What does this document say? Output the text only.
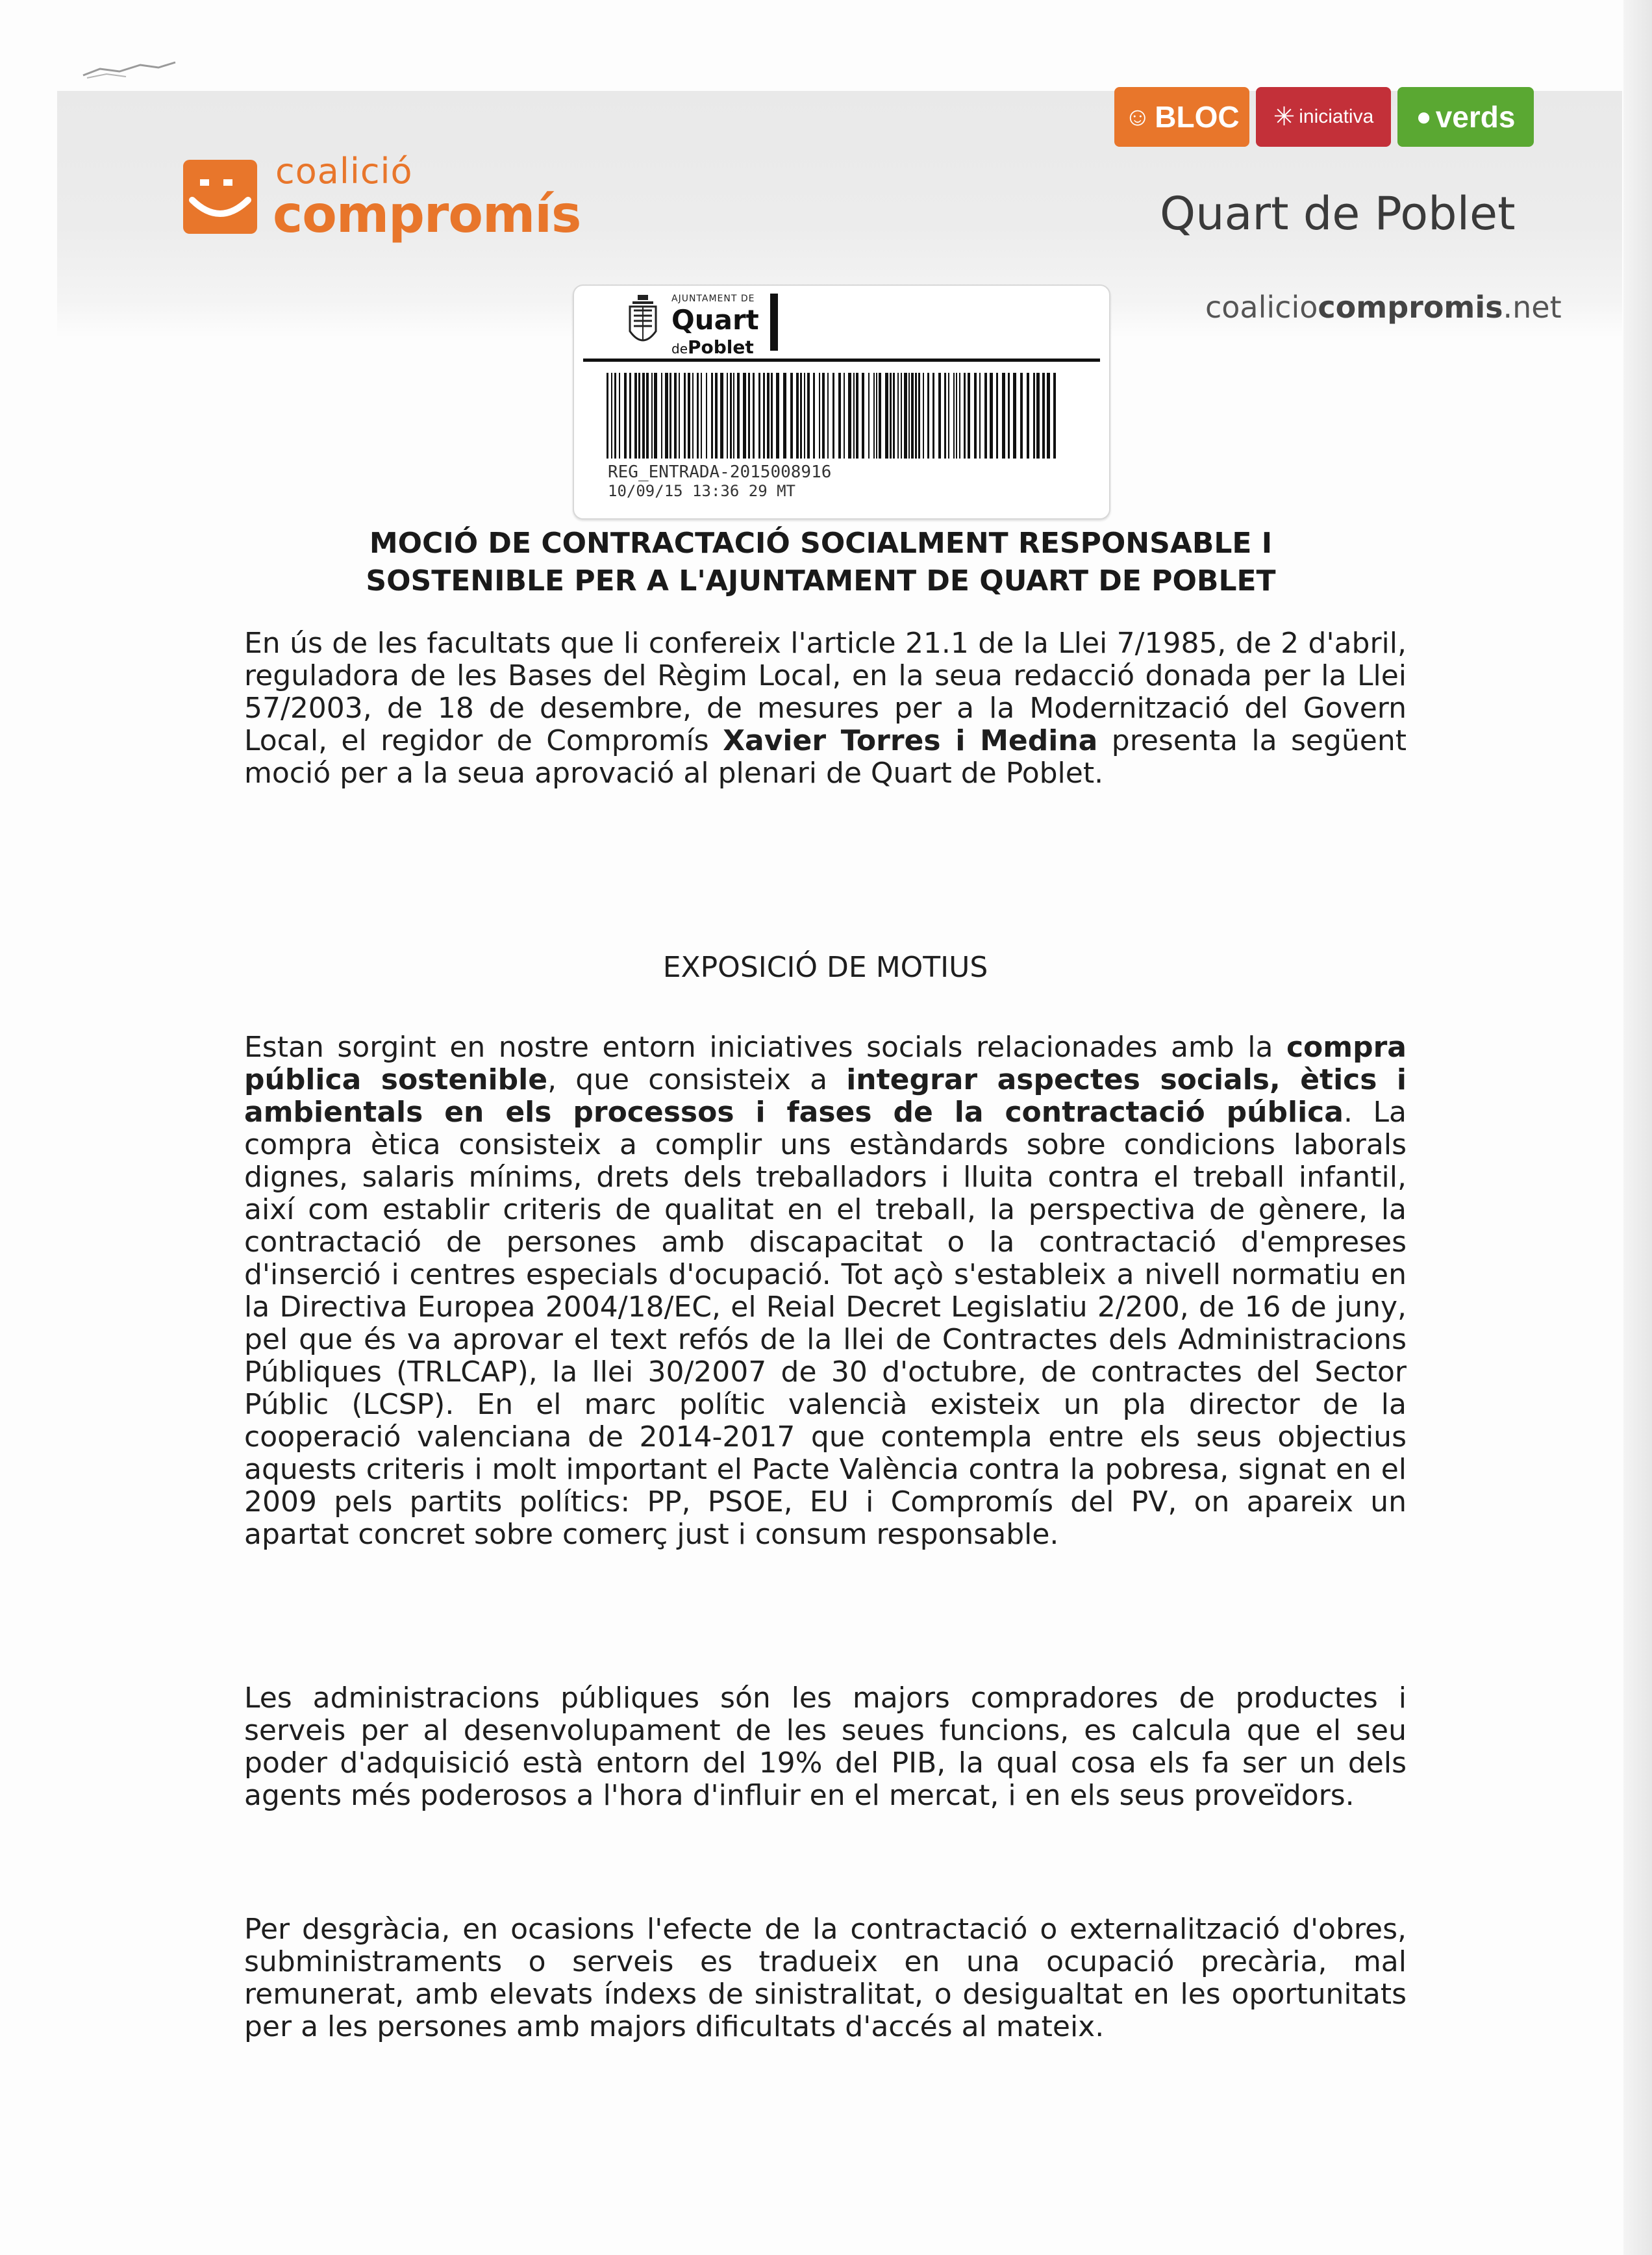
coalició
compromís
☺ BLOC ✳ iniciativa ● verds
Quart de Poblet
coaliciocompromis.net
AJUNTAMENT DE
Quart
dePoblet
REG_ENTRADA-2015008916
10/09/15 13:36 29 MT
MOCIÓ DE CONTRACTACIÓ SOCIALMENT RESPONSABLE I
SOSTENIBLE PER A L'AJUNTAMENT DE QUART DE POBLET
En ús de les facultats que li confereix l'article 21.1 de la Llei 7/1985, de 2 d'abril, reguladora de les Bases del Règim Local, en la seua redacció donada per la Llei 57/2003, de 18 de desembre, de mesures per a la Modernització del Govern Local, el regidor de Compromís Xavier Torres i Medina presenta la següent moció per a la seua aprovació al plenari de Quart de Poblet.
EXPOSICIÓ DE MOTIUS
Estan sorgint en nostre entorn iniciatives socials relacionades amb la compra pública sostenible, que consisteix a integrar aspectes socials, ètics i ambientals en els processos i fases de la contractació pública. La compra ètica consisteix a complir uns estàndards sobre condicions laborals dignes, salaris mínims, drets dels treballadors i lluita contra el treball infantil, així com establir criteris de qualitat en el treball, la perspectiva de gènere, la contractació de persones amb discapacitat o la contractació d'empreses d'inserció i centres especials d'ocupació. Tot açò s'estableix a nivell normatiu en la Directiva Europea 2004/18/EC, el Reial Decret Legislatiu 2/200, de 16 de juny, pel que és va aprovar el text refós de la llei de Contractes dels Administracions Públiques (TRLCAP), la llei 30/2007 de 30 d'octubre, de contractes del Sector Públic (LCSP). En el marc polític valencià existeix un pla director de la cooperació valenciana de 2014-2017 que contempla entre els seus objectius aquests criteris i molt important el Pacte València contra la pobresa, signat en el 2009 pels partits polítics: PP, PSOE, EU i Compromís del PV, on apareix un apartat concret sobre comerç just i consum responsable.
Les administracions públiques són les majors compradores de productes i serveis per al desenvolupament de les seues funcions, es calcula que el seu poder d'adquisició està entorn del 19% del PIB, la qual cosa els fa ser un dels agents més poderosos a l'hora d'influir en el mercat, i en els seus proveïdors.
Per desgràcia, en ocasions l'efecte de la contractació o externalització d'obres, subministraments o serveis es tradueix en una ocupació precària, mal remunerat, amb elevats índexs de sinistralitat, o desigualtat en les oportunitats per a les persones amb majors dificultats d'accés al mateix.
